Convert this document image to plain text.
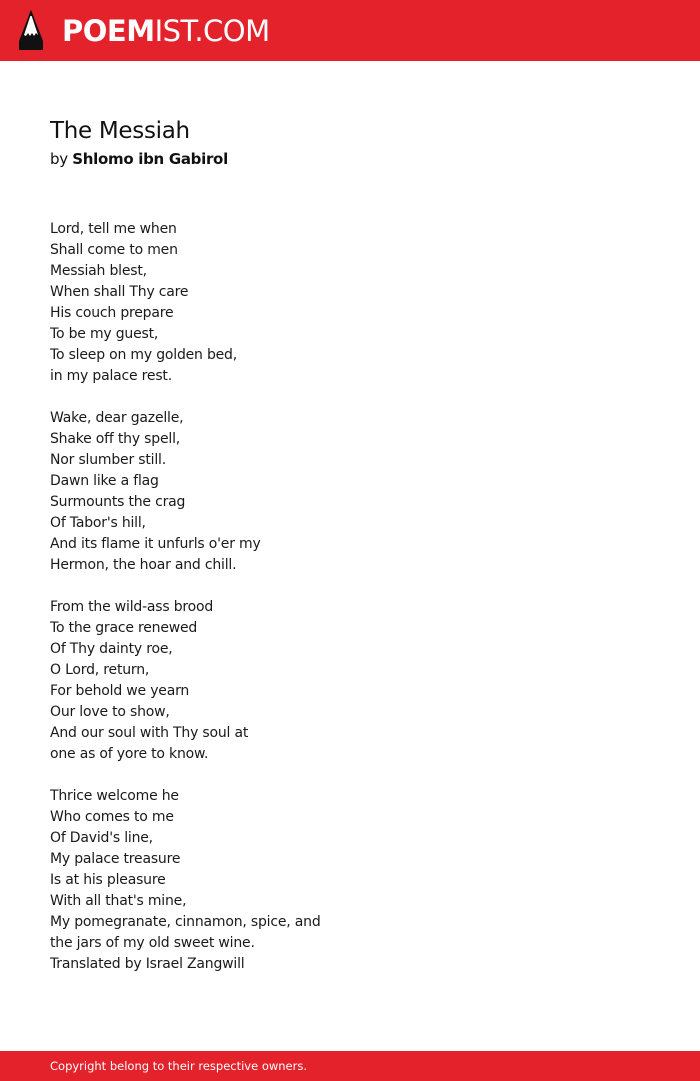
POEMIST.COM
The Messiah
by Shlomo ibn Gabirol
Lord, tell me when
Shall come to men
Messiah blest,
When shall Thy care
His couch prepare
To be my guest,
To sleep on my golden bed,
in my palace rest.
Wake, dear gazelle,
Shake off thy spell,
Nor slumber still.
Dawn like a flag
Surmounts the crag
Of Tabor's hill,
And its flame it unfurls o'er my
Hermon, the hoar and chill.
From the wild-ass brood
To the grace renewed
Of Thy dainty roe,
O Lord, return,
For behold we yearn
Our love to show,
And our soul with Thy soul at
one as of yore to know.
Thrice welcome he
Who comes to me
Of David's line,
My palace treasure
Is at his pleasure
With all that's mine,
My pomegranate, cinnamon, spice, and
the jars of my old sweet wine.
Translated by Israel Zangwill
Copyright belong to their respective owners.
